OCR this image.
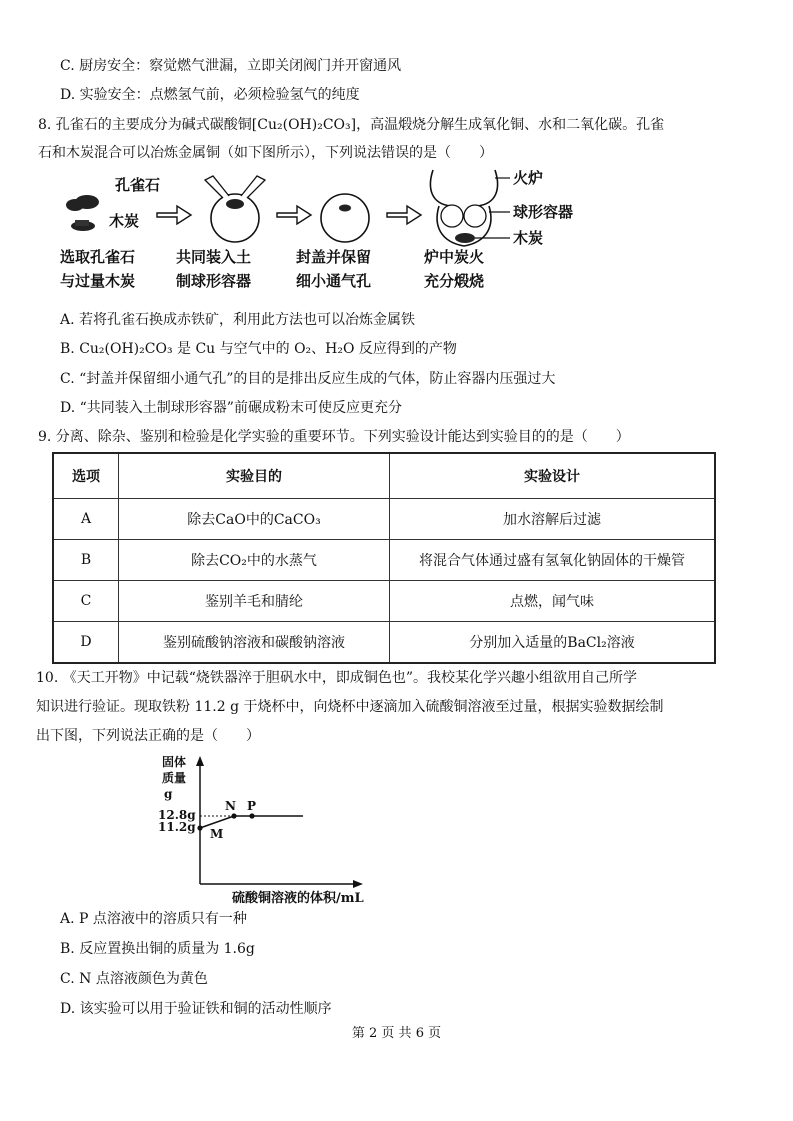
C. 厨房安全：察觉燃气泄漏，立即关闭阀门并开窗通风
D. 实验安全：点燃氢气前，必须检验氢气的纯度
8. 孔雀石的主要成分为碱式碳酸铜[Cu₂(OH)₂CO₃]，高温煅烧分解生成氧化铜、水和二氧化碳。孔雀
石和木炭混合可以冶炼金属铜（如下图所示），下列说法错误的是（　　）
孔雀石
木炭
火炉
球形容器
木炭
选取孔雀石
与过量木炭
共同装入土
制球形容器
封盖并保留
细小通气孔
炉中炭火
充分煅烧
A. 若将孔雀石换成赤铁矿，利用此方法也可以冶炼金属铁
B. Cu₂(OH)₂CO₃ 是 Cu 与空气中的 O₂、H₂O 反应得到的产物
C. “封盖并保留细小通气孔”的目的是排出反应生成的气体，防止容器内压强过大
D. “共同装入土制球形容器”前碾成粉末可使反应更充分
9. 分离、除杂、鉴别和检验是化学实验的重要环节。下列实验设计能达到实验目的的是（　　）
选项	实验目的	实验设计
A	除去CaO中的CaCO₃	加水溶解后过滤
B	除去CO₂中的水蒸气	将混合气体通过盛有氢氧化钠固体的干燥管
C	鉴别羊毛和腈纶	点燃，闻气味
D	鉴别硫酸钠溶液和碳酸钠溶液	分别加入适量的BaCl₂溶液
10. 《天工开物》中记载“烧铁器淬于胆矾水中，即成铜色也”。我校某化学兴趣小组欲用自己所学
知识进行验证。现取铁粉 11.2 g 于烧杯中，向烧杯中逐滴加入硫酸铜溶液至过量，根据实验数据绘制
出下图，下列说法正确的是（　　）
固体
质量
g
硫酸铜溶液的体积/mL
12.8g
11.2g M
N P
A. P 点溶液中的溶质只有一种
B. 反应置换出铜的质量为 1.6g
C. N 点溶液颜色为黄色
D. 该实验可以用于验证铁和铜的活动性顺序
第 2 页 共 6 页
